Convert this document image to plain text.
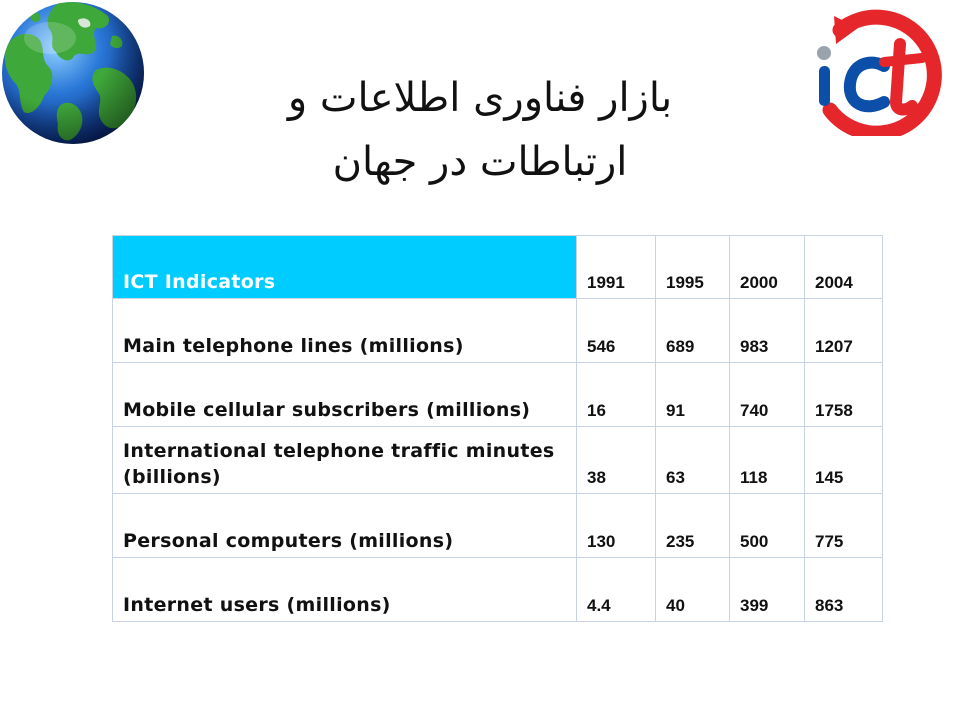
بازار فناوری اطلاعات و
ارتباطات در جهان
ICT Indicators	1991	1995	2000	2004
Main telephone lines (millions)	546	689	983	1207
Mobile cellular subscribers (millions)	16	91	740	1758
International telephone traffic minutes (billions)	38	63	118	145
Personal computers (millions)	130	235	500	775
Internet users (millions)	4.4	40	399	863
